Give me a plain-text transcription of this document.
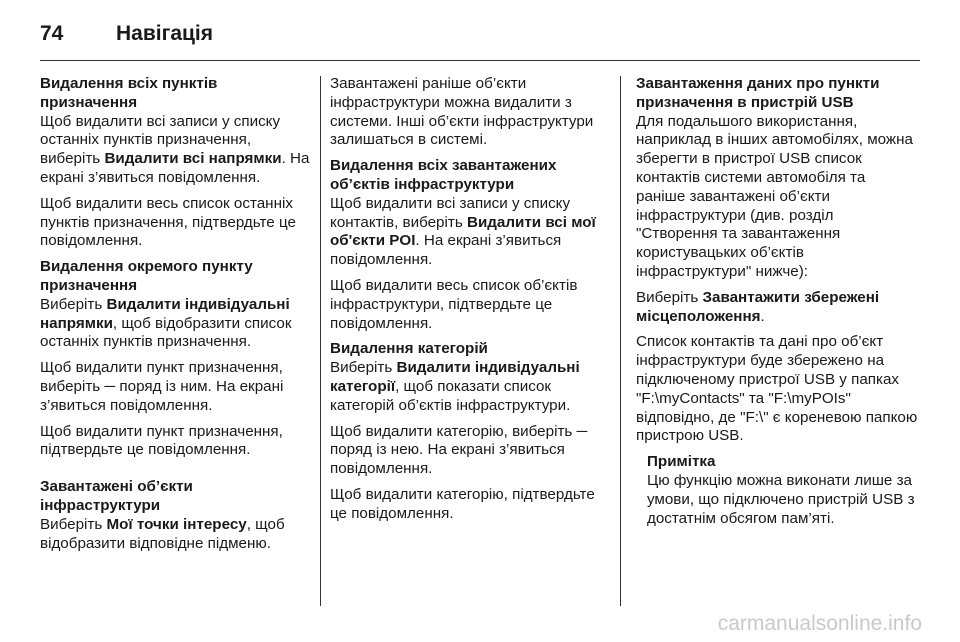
74	Навігація

Видалення всіх пунктів призначення

Щоб видалити всі записи у списку останніх пунктів призначення, виберіть Видалити всі напрямки. На екрані з’явиться повідомлення.

Щоб видалити весь список останніх пунктів призначення, підтвердьте це повідомлення.

Видалення окремого пункту призначення

Виберіть Видалити індивідуальні напрямки, щоб відобразити список останніх пунктів призначення.

Щоб видалити пункт призначення, виберіть ─ поряд із ним. На екрані з’явиться повідомлення.

Щоб видалити пункт призначення, підтвердьте це повідомлення.

Завантажені об’єкти інфраструктури

Виберіть Мої точки інтересу, щоб відобразити відповідне підменю.

Завантажені раніше об’єкти інфраструктури можна видалити з системи. Інші об’єкти інфраструктури залишаться в системі.

Видалення всіх завантажених об’єктів інфраструктури

Щоб видалити всі записи у списку контактів, виберіть Видалити всі мої об'єкти POI. На екрані з’явиться повідомлення.

Щоб видалити весь список об’єктів інфраструктури, підтвердьте це повідомлення.

Видалення категорій

Виберіть Видалити індивідуальні категорії, щоб показати список категорій об’єктів інфраструктури.

Щоб видалити категорію, виберіть ─ поряд із нею. На екрані з’явиться повідомлення.

Щоб видалити категорію, підтвердьте це повідомлення.

Завантаження даних про пункти призначення в пристрій USB

Для подальшого використання, наприклад в інших автомобілях, можна зберегти в пристрої USB список контактів системи автомобіля та раніше завантажені об’єкти інфраструктури (див. розділ "Створення та завантаження користувацьких об’єктів інфраструктури" нижче):

Виберіть Завантажити збережені місцеположення.

Список контактів та дані про об’єкт інфраструктури буде збережено на підключеному пристрої USB у папках "F:\myContacts" та "F:\myPOIs" відповідно, де "F:\" є кореневою папкою пристрою USB.

Примітка

Цю функцію можна виконати лише за умови, що підключено пристрій USB з достатнім обсягом пам’яті.

carmanualsonline.info
